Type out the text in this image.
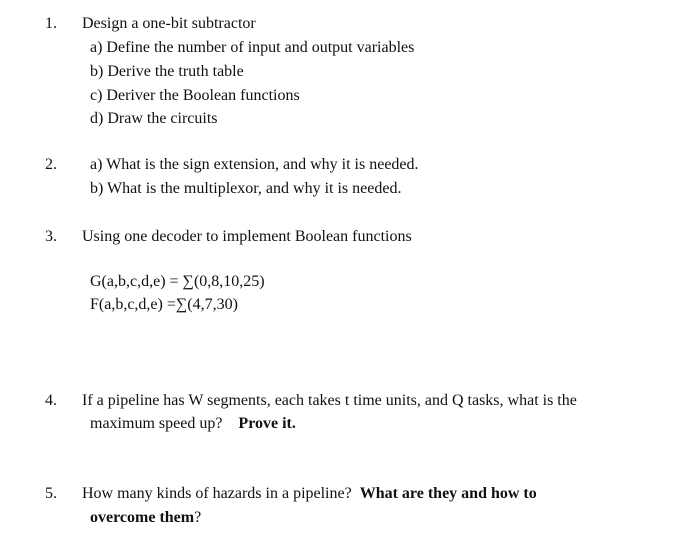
1. Design a one-bit subtractor
a) Define the number of input and output variables
b) Derive the truth table
c) Deriver the Boolean functions
d) Draw the circuits
2. a) What is the sign extension, and why it is needed.
b) What is the multiplexor, and why it is needed.
3. Using one decoder to implement Boolean functions
G(a,b,c,d,e) = ∑(0,8,10,25)
F(a,b,c,d,e) =∑(4,7,30)
4. If a pipeline has W segments, each takes t time units, and Q tasks, what is the
maximum speed up? Prove it.
5. How many kinds of hazards in a pipeline? What are they and how to
overcome them?
